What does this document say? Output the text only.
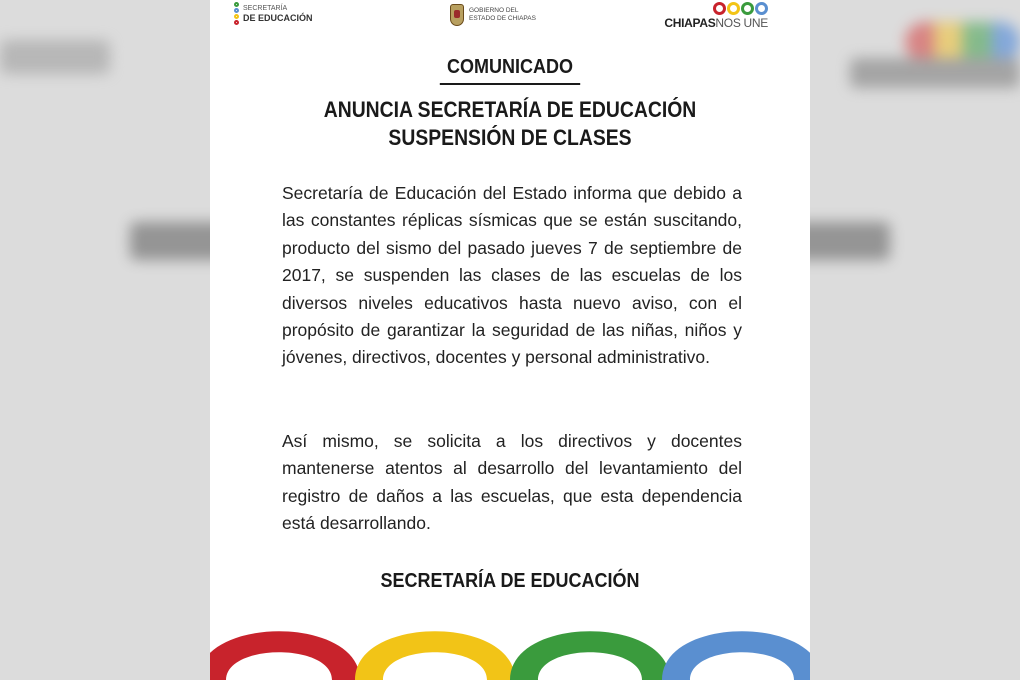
SECRETARÍA
DE EDUCACIÓN
GOBIERNO DEL
ESTADO DE CHIAPAS	CHIAPASNOS UNE
COMUNICADO
ANUNCIA SECRETARÍA DE EDUCACIÓN
SUSPENSIÓN DE CLASES
Secretaría de Educación del Estado informa que debido a las constantes réplicas sísmicas que se están suscitando, producto del sismo del pasado jueves 7 de septiembre de 2017, se suspenden las clases de las escuelas de los diversos niveles educativos hasta nuevo aviso, con el propósito de garantizar la seguridad de las niñas, niños y jóvenes, directivos, docentes y personal administrativo.
Así mismo, se solicita a los directivos y docentes mantenerse atentos al desarrollo del levantamiento del registro de daños a las escuelas, que esta dependencia está desarrollando.
SECRETARÍA DE EDUCACIÓN
